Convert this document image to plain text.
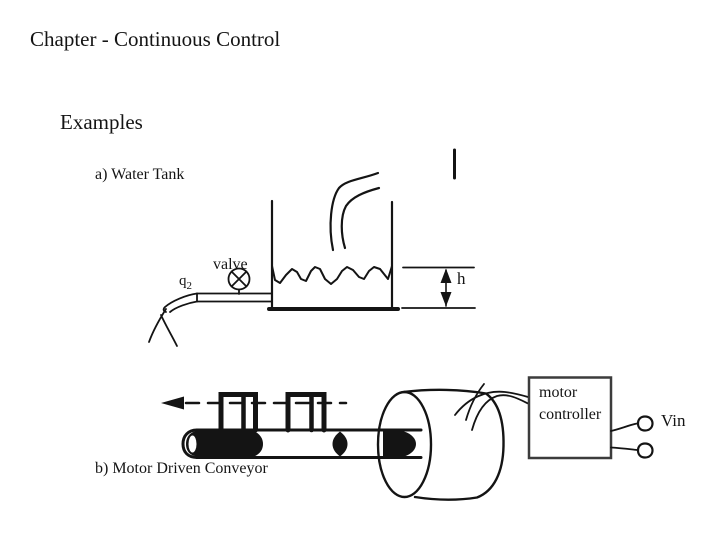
Chapter - Continuous Control
Examples
a) Water Tank
valve
$q_2$	h
b) Motor Driven Conveyor
motor
controller	Vin
